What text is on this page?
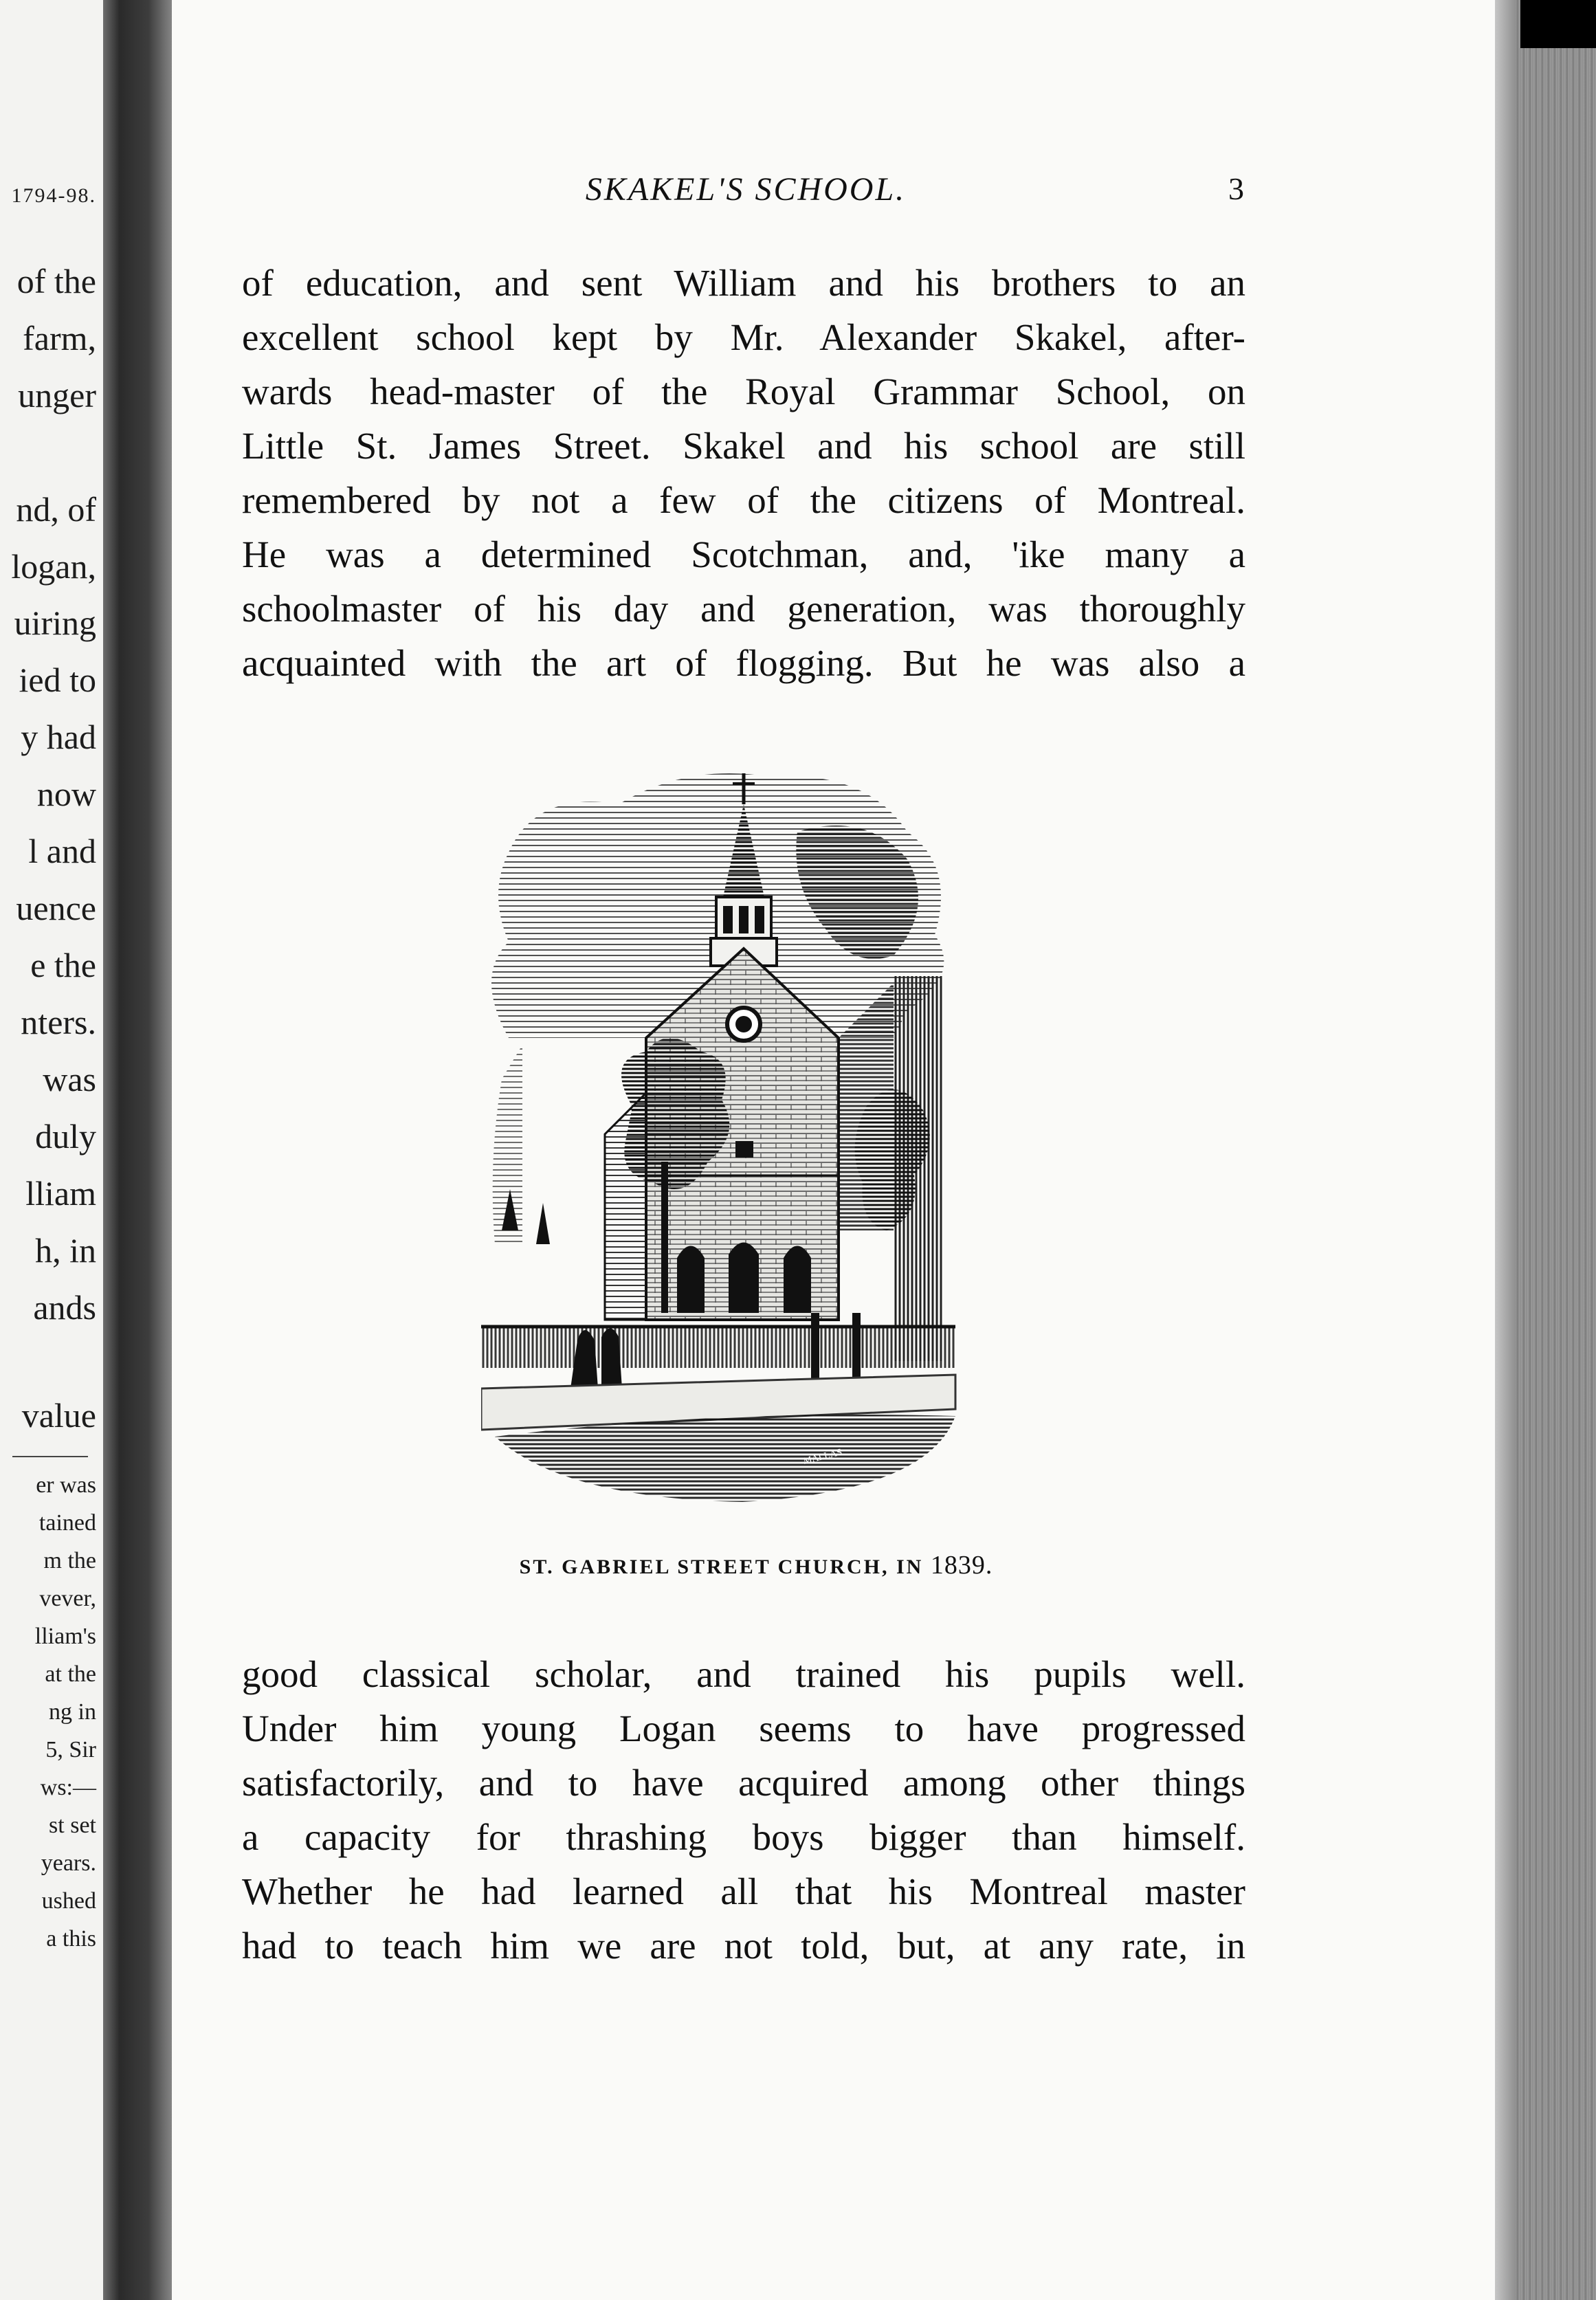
1794-98.
of the
farm,
unger
nd, of
logan,
uiring
ied to
y had
now
l and
uence
e the
nters.
was
duly
lliam
h, in
ands
value
er was
tained
m the
vever,
lliam's
at the
ng in
5, Sir
ws:—
st set
years.
ushed
a this
SKAKEL'S SCHOOL.	3
of education, and sent William and his brothers to an
excellent school kept by Mr. Alexander Skakel, after-
wards head-master of the Royal Grammar School, on
Little St. James Street. Skakel and his school are still
remembered by not a few of the citizens of Montreal.
He was a determined Scotchman, and, 'ike many a
schoolmaster of his day and generation, was thoroughly
acquainted with the art of flogging. But he was also a
MALLAS
ST. GABRIEL STREET CHURCH, IN 1839.
good classical scholar, and trained his pupils well.
Under him young Logan seems to have progressed
satisfactorily, and to have acquired among other things
a capacity for thrashing boys bigger than himself.
Whether he had learned all that his Montreal master
had to teach him we are not told, but, at any rate, in
